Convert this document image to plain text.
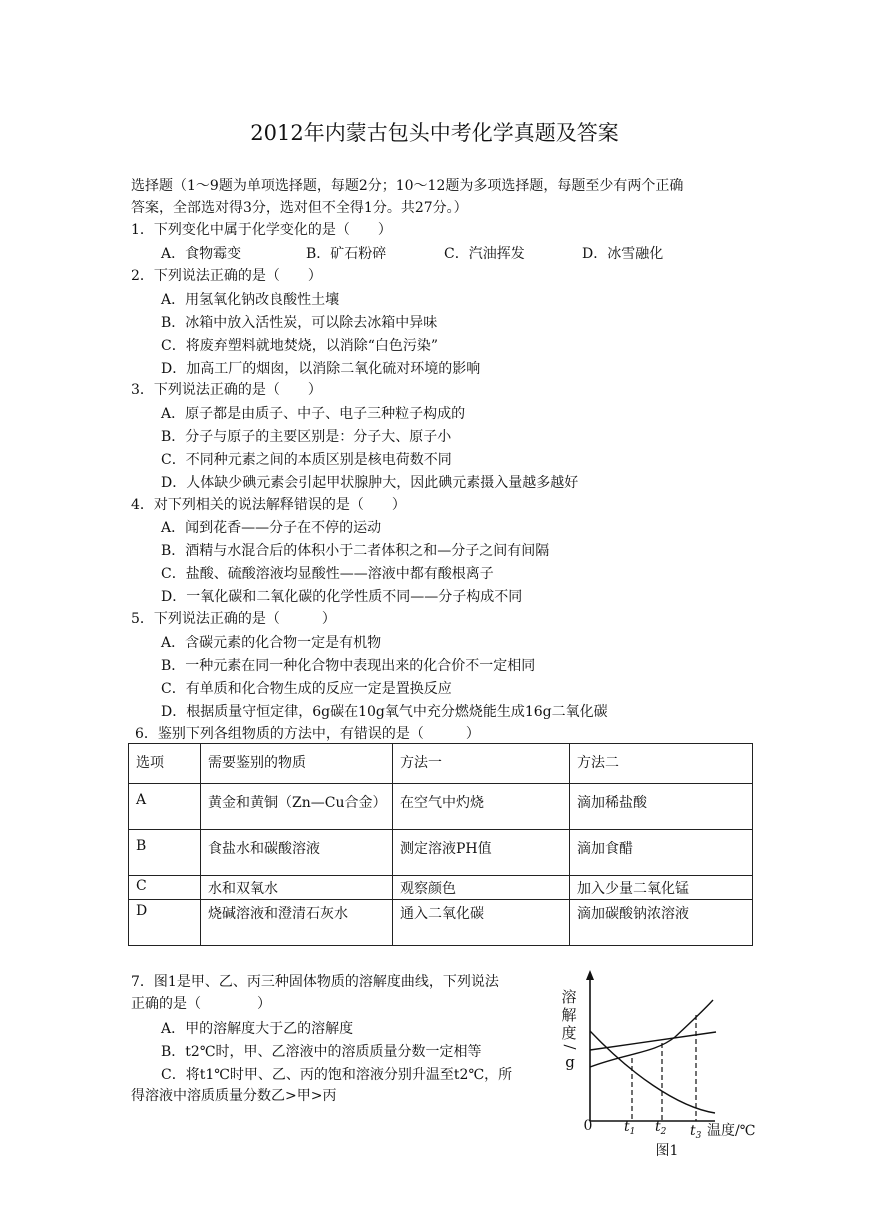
2012年内蒙古包头中考化学真题及答案
选择题（1～9题为单项选择题，每题2分；10～12题为多项选择题，每题至少有两个正确
答案，全部选对得3分，选对但不全得1分。共27分。）
1．下列变化中属于化学变化的是（　　）
A．食物霉变	B．矿石粉碎	C．汽油挥发	D．冰雪融化
2．下列说法正确的是（　　）
A．用氢氧化钠改良酸性土壤
B．冰箱中放入活性炭，可以除去冰箱中异味
C．将废弃塑料就地焚烧，以消除“白色污染”
D．加高工厂的烟囱，以消除二氧化硫对环境的影响
3．下列说法正确的是（　　）
A．原子都是由质子、中子、电子三种粒子构成的
B．分子与原子的主要区别是：分子大、原子小
C．不同种元素之间的本质区别是核电荷数不同
D．人体缺少碘元素会引起甲状腺肿大，因此碘元素摄入量越多越好
4．对下列相关的说法解释错误的是（　　）
A．闻到花香——分子在不停的运动
B．酒精与水混合后的体积小于二者体积之和—分子之间有间隔
C．盐酸、硫酸溶液均显酸性——溶液中都有酸根离子
D．一氧化碳和二氧化碳的化学性质不同——分子构成不同
5．下列说法正确的是（　　　）
A．含碳元素的化合物一定是有机物
B．一种元素在同一种化合物中表现出来的化合价不一定相同
C．有单质和化合物生成的反应一定是置换反应
D．根据质量守恒定律，6g碳在10g氧气中充分燃烧能生成16g二氧化碳
6．鉴别下列各组物质的方法中，有错误的是（　　　）
选项	需要鉴别的物质	方法一	方法二
A	黄金和黄铜（Zn—Cu合金）	在空气中灼烧	滴加稀盐酸
B	食盐水和碳酸溶液	测定溶液PH值	滴加食醋
C	水和双氧水	观察颜色	加入少量二氧化锰
D	烧碱溶液和澄清石灰水	通入二氧化碳	滴加碳酸钠浓溶液
7．图1是甲、乙、丙三种固体物质的溶解度曲线，下列说法
正确的是（　　　　）
A．甲的溶解度大于乙的溶解度
B．t2℃时，甲、乙溶液中的溶质质量分数一定相等
C．将t1℃时甲、乙、丙的饱和溶液分别升温至t2℃，所
得溶液中溶质质量分数乙>甲>丙
溶
解
度
/
g
0 $t_1$ $t_2$ $t_3$ 温度/℃
图1
